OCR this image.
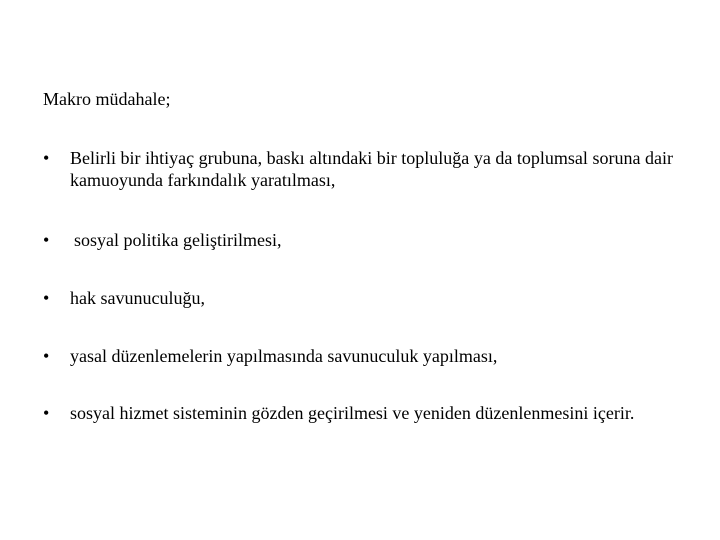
Makro müdahale;
•	Belirli bir ihtiyaç grubuna, baskı altındaki bir topluluğa ya da toplumsal soruna dair kamuoyunda farkındalık yaratılması,
•	sosyal politika geliştirilmesi,
•	hak savunuculuğu,
•	yasal düzenlemelerin yapılmasında savunuculuk yapılması,
•	sosyal hizmet sisteminin gözden geçirilmesi ve yeniden düzenlenmesini içerir.
